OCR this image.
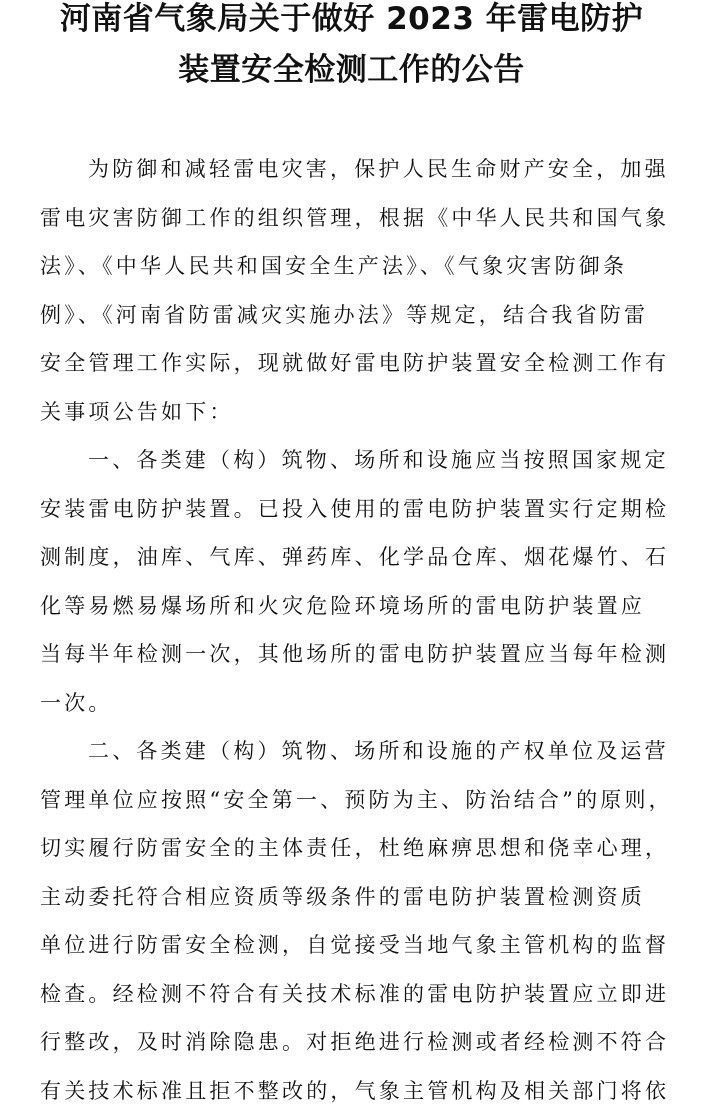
河南省气象局关于做好 2023 年雷电防护
装置安全检测工作的公告
为防御和减轻雷电灾害，保护人民生命财产安全，加强
雷电灾害防御工作的组织管理，根据《中华人民共和国气象
法》、《中华人民共和国安全生产法》、《气象灾害防御条
例》、《河南省防雷减灾实施办法》等规定，结合我省防雷
安全管理工作实际，现就做好雷电防护装置安全检测工作有
关事项公告如下：
一、各类建（构）筑物、场所和设施应当按照国家规定
安装雷电防护装置。已投入使用的雷电防护装置实行定期检
测制度，油库、气库、弹药库、化学品仓库、烟花爆竹、石
化等易燃易爆场所和火灾危险环境场所的雷电防护装置应
当每半年检测一次，其他场所的雷电防护装置应当每年检测
一次。
二、各类建（构）筑物、场所和设施的产权单位及运营
管理单位应按照“安全第一、预防为主、防治结合”的原则，
切实履行防雷安全的主体责任，杜绝麻痹思想和侥幸心理，
主动委托符合相应资质等级条件的雷电防护装置检测资质
单位进行防雷安全检测，自觉接受当地气象主管机构的监督
检查。经检测不符合有关技术标准的雷电防护装置应立即进
行整改，及时消除隐患。对拒绝进行检测或者经检测不符合
有关技术标准且拒不整改的，气象主管机构及相关部门将依
